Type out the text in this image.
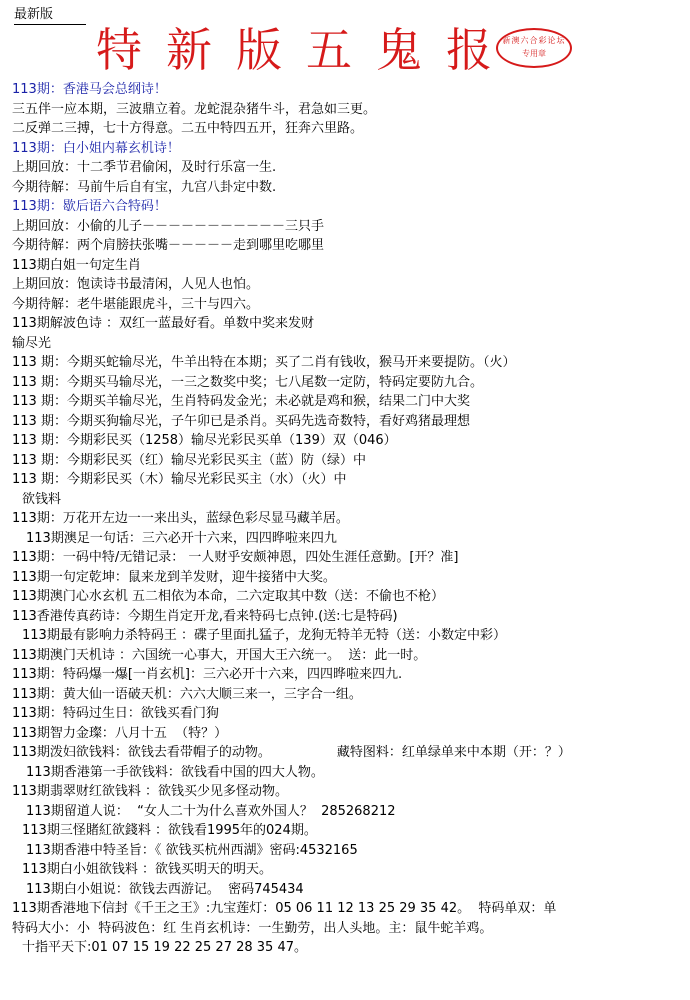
最新版
特新版五鬼报
新澳六合彩论坛
专用章
113期：香港马会总纲诗！
三五伴一应本期，三波鼎立着。龙蛇混杂猪牛斗，君急如三更。
二反弹二三搏，七十方得意。二五中特四五开，狂奔六里路。
113期：白小姐内幕玄机诗！
上期回放：十二季节君偷闲，及时行乐富一生.
今期待解：马前牛后自有宝，九宫八卦定中数.
113期：歇后语六合特码！
上期回放：小偷的儿子－－－－－－－－－－－三只手
今期待解：两个肩膀扶张嘴－－－－－走到哪里吃哪里
113期白姐一句定生肖
上期回放：饱读诗书最清闲，人见人也怕。
今期待解：老牛堪能跟虎斗，三十与四六。
113期解波色诗 ：双红一蓝最好看。单数中奖来发财
输尽光
113 期：今期买蛇输尽光，牛羊出特在本期；买了二肖有钱收，猴马开来要提防。（火）
113 期：今期买马输尽光，一三之数奖中奖；七八尾数一定防，特码定要防九合。
113 期：今期买羊输尽光，生肖特码发金光；未必就是鸡和猴，结果二门中大奖
113 期：今期买狗输尽光，子午卯已是杀肖。买码先选奇数特，看好鸡猪最理想
113 期：今期彩民买（1258）输尽光彩民买单（139）双（046）
113 期：今期彩民买（红）输尽光彩民买主（蓝）防（绿）中
113 期：今期彩民买（木）输尽光彩民买主（水）（火）中
欲钱料
113期：万花开左边一一来出头，蓝绿色彩尽显马藏羊居。
113期澳足一句话：三六必开十六来，四四晔啦来四九
113期：一码中特/无错记录： 一人财乎安颇神恩，四处生涯任意勤。[开？准]
113期一句定乾坤：鼠来龙到羊发财，迎牛接猪中大奖。
113期澳门心水玄机 五二相依为本命，二六定取其中数（送：不偷也不枪）
113香港传真药诗：今期生肖定开龙,看来特码七点钟.(送:七是特码)
113期最有影响力杀特码王 ：碟子里面扎猛子，龙狗无特羊无特（送：小数定中彩）
113期澳门天机诗 ：六国统一心事大，开国大王六统一。  送：此一时。
113期：特码爆一爆[一肖玄机]：三六必开十六来，四四晔啦来四九.
113期：黄大仙一语破天机：六六大顺三来一，三字合一组。
113期：特码过生日：欲钱买看门狗
113期智力金璨：八月十五  （特？）
113期泼妇欲钱料：欲钱去看带帽子的动物。                藏特图料：红单绿单来中本期（开：？）
113期香港第一手欲钱料：欲钱看中国的四大人物。
113期翡翠财红欲钱料 ：欲钱买少见多怪动物。
113期留道人说：  “女人二十为什么喜欢外国人？  285268212
113期三怪賭紅欲錢料 ：欲钱看1995年的024期。
113期香港中特圣旨：《 欲钱买杭州西湖》密码:4532165
113期白小姐欲钱料 ：欲钱买明天的明天。
113期白小姐说：欲钱去西游记。  密码745434
113期香港地下信封《千王之王》:九宝莲灯：05 06 11 12 13 25 29 35 42。  特码单双：单
特码大小：小  特码波色：红 生肖玄机诗：一生勤劳，出人头地。主：鼠牛蛇羊鸡。
十指平天下:01 07 15 19 22 25 27 28 35 47。
